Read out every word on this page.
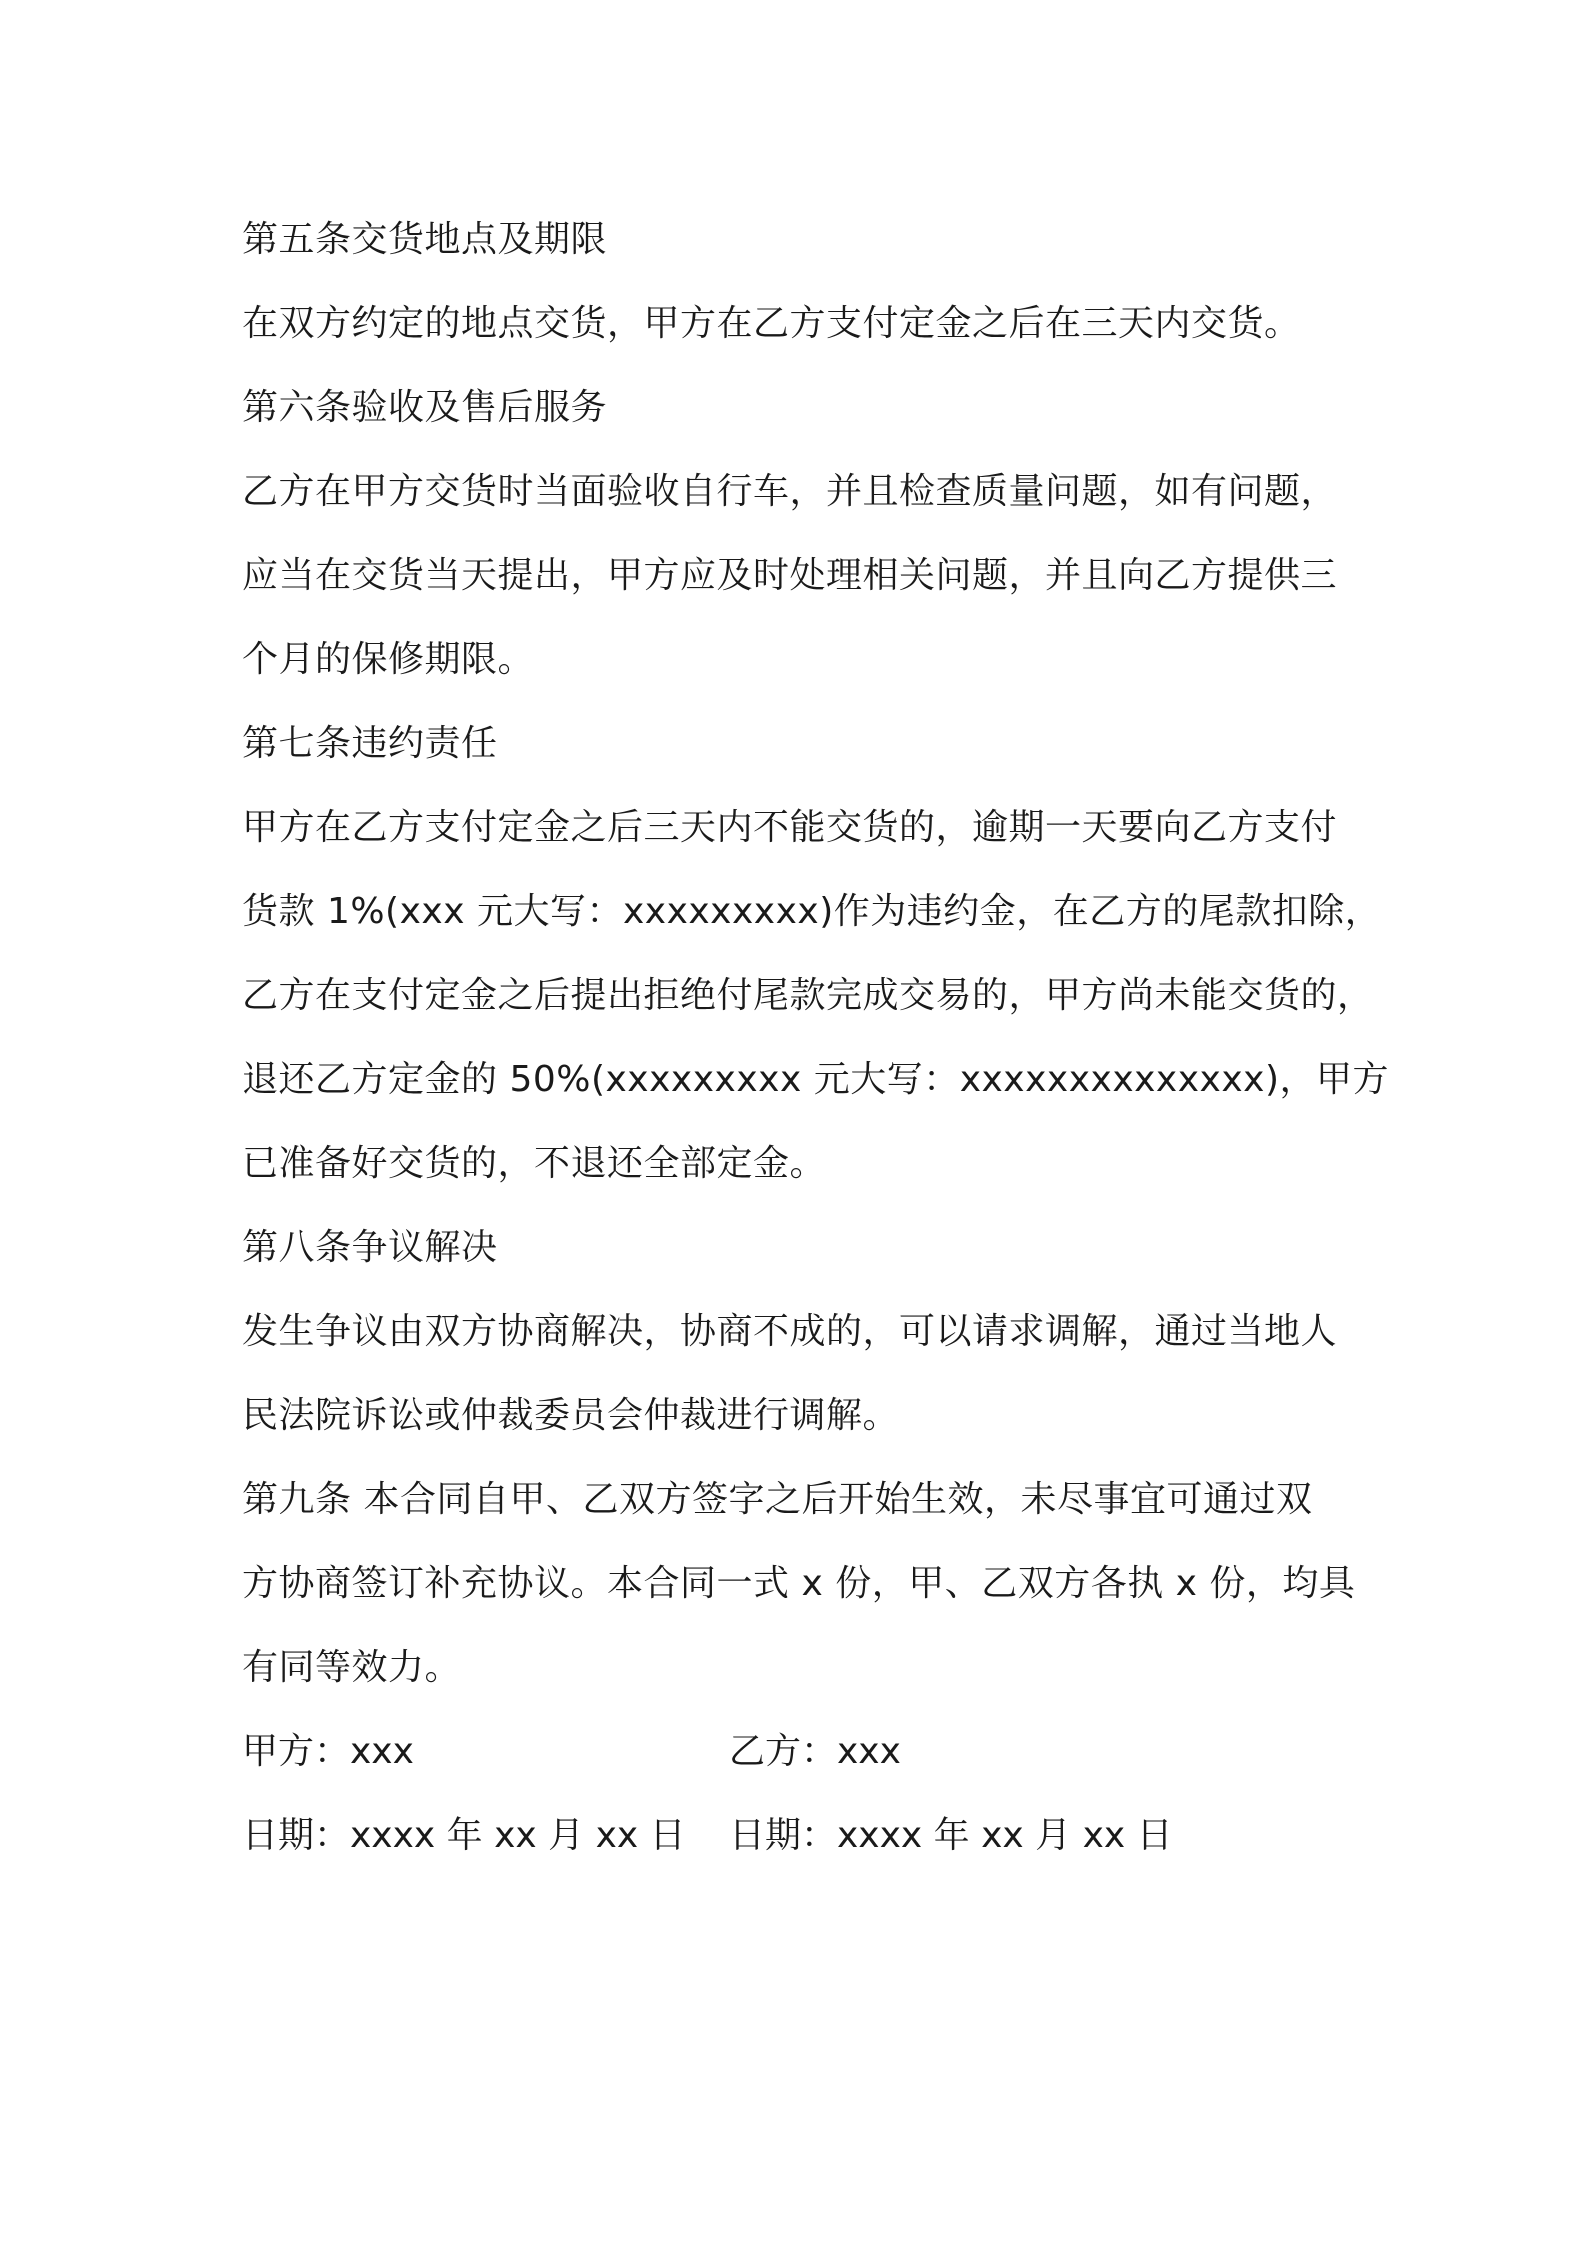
第五条交货地点及期限
在双方约定的地点交货，甲方在乙方支付定金之后在三天内交货。
第六条验收及售后服务
乙方在甲方交货时当面验收自行车，并且检查质量问题，如有问题，
应当在交货当天提出，甲方应及时处理相关问题，并且向乙方提供三
个月的保修期限。
第七条违约责任
甲方在乙方支付定金之后三天内不能交货的，逾期一天要向乙方支付
货款 1%(xxx 元大写：xxxxxxxxx)作为违约金，在乙方的尾款扣除，
乙方在支付定金之后提出拒绝付尾款完成交易的，甲方尚未能交货的，
退还乙方定金的 50%(xxxxxxxxx 元大写：xxxxxxxxxxxxxx)，甲方
已准备好交货的，不退还全部定金。
第八条争议解决
发生争议由双方协商解决，协商不成的，可以请求调解，通过当地人
民法院诉讼或仲裁委员会仲裁进行调解。
第九条 本合同自甲、乙双方签字之后开始生效，未尽事宜可通过双
方协商签订补充协议。本合同一式 x 份，甲、乙双方各执 x 份，均具
有同等效力。
甲方：xxx	乙方：xxx
日期：xxxx 年 xx 月 xx 日 日期：xxxx 年 xx 月 xx 日
